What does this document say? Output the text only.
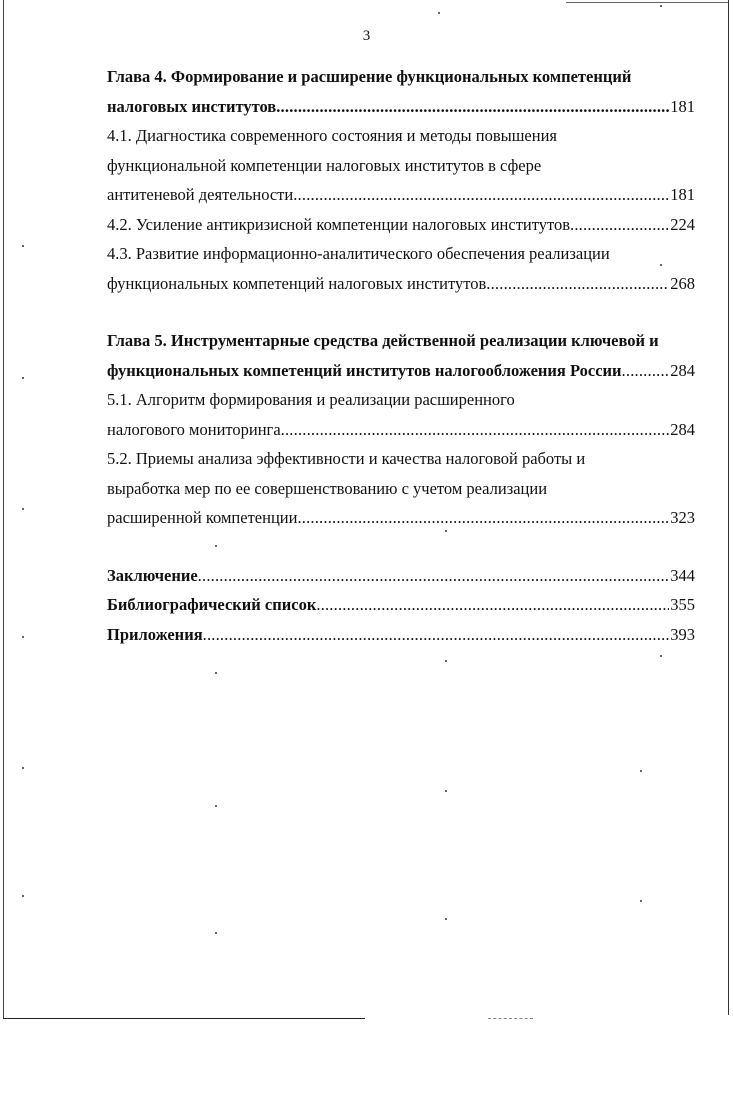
3
Глава 4. Формирование и расширение функциональных компетенций
налоговых институтов .....	181
4.1. Диагностика современного состояния и методы повышения
функциональной компетенции налоговых институтов в сфере
антитеневой деятельности .....	181
4.2. Усиление антикризисной компетенции налоговых институтов .....	224
4.3. Развитие информационно-аналитического обеспечения реализации
функциональных компетенций налоговых институтов .....	268
Глава 5. Инструментарные средства действенной реализации ключевой и
функциональных компетенций институтов налогообложения России .....	284
5.1. Алгоритм формирования и реализации расширенного
налогового мониторинга .....	284
5.2. Приемы анализа эффективности и качества налоговой работы и
выработка мер по ее совершенствованию с учетом реализации
расширенной компетенции .....	323
Заключение .....	344
Библиографический список .....	355
Приложения .....	393
